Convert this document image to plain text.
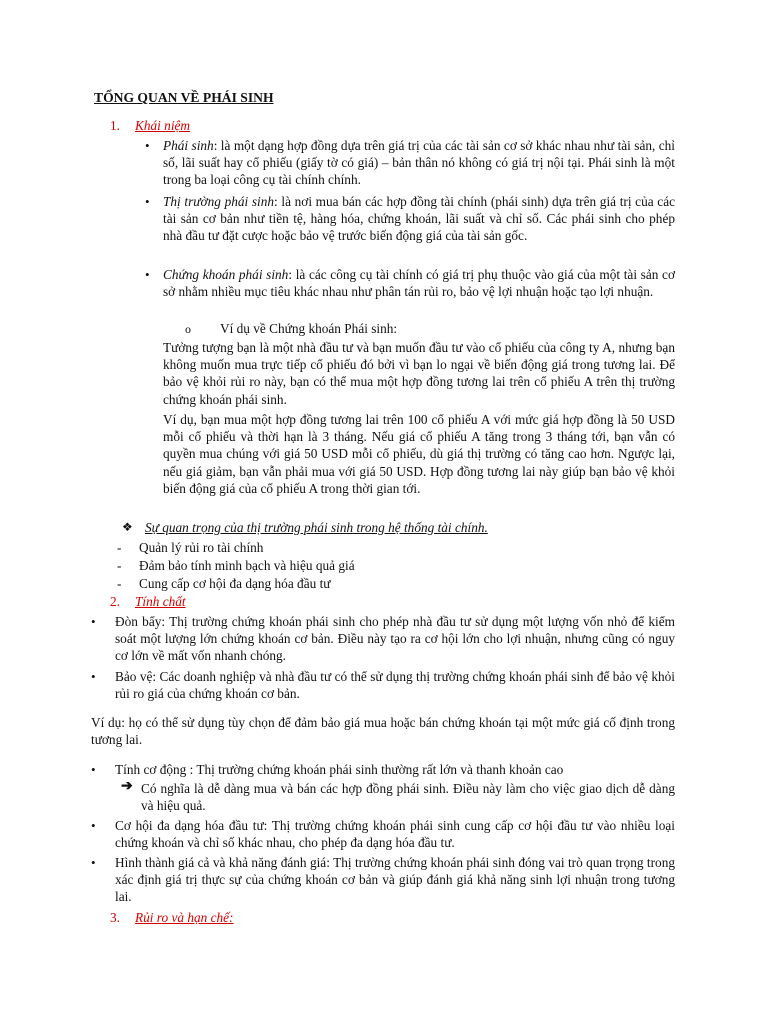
TỔNG QUAN VỀ PHÁI SINH
1. Khái niệm
• Phái sinh: là một dạng hợp đồng dựa trên giá trị của các tài sản cơ sở khác nhau như tài sản, chỉ số, lãi suất hay cổ phiếu (giấy tờ có giá) – bản thân nó không có giá trị nội tại. Phái sinh là một trong ba loại công cụ tài chính chính.
• Thị trường phái sinh: là nơi mua bán các hợp đồng tài chính (phái sinh) dựa trên giá trị của các tài sản cơ bản như tiền tệ, hàng hóa, chứng khoán, lãi suất và chỉ số. Các phái sinh cho phép nhà đầu tư đặt cược hoặc bảo vệ trước biến động giá của tài sản gốc.
• Chứng khoán phái sinh: là các công cụ tài chính có giá trị phụ thuộc vào giá của một tài sản cơ sở nhằm nhiều mục tiêu khác nhau như phân tán rủi ro, bảo vệ lợi nhuận hoặc tạo lợi nhuận.
o Ví dụ về Chứng khoán Phái sinh:
Tưởng tượng bạn là một nhà đầu tư và bạn muốn đầu tư vào cổ phiếu của công ty A, nhưng bạn không muốn mua trực tiếp cổ phiếu đó bởi vì bạn lo ngại về biến động giá trong tương lai. Để bảo vệ khỏi rủi ro này, bạn có thể mua một hợp đồng tương lai trên cổ phiếu A trên thị trường chứng khoán phái sinh.
Ví dụ, bạn mua một hợp đồng tương lai trên 100 cổ phiếu A với mức giá hợp đồng là 50 USD mỗi cổ phiếu và thời hạn là 3 tháng. Nếu giá cổ phiếu A tăng trong 3 tháng tới, bạn vẫn có quyền mua chúng với giá 50 USD mỗi cổ phiếu, dù giá thị trường có tăng cao hơn. Ngược lại, nếu giá giảm, bạn vẫn phải mua với giá 50 USD. Hợp đồng tương lai này giúp bạn bảo vệ khỏi biến động giá của cổ phiếu A trong thời gian tới.
❖ Sự quan trọng của thị trường phái sinh trong hệ thống tài chính.
- Quản lý rủi ro tài chính
- Đảm bảo tính minh bạch và hiệu quả giá
- Cung cấp cơ hội đa dạng hóa đầu tư
2. Tính chất
• Đòn bẩy: Thị trường chứng khoán phái sinh cho phép nhà đầu tư sử dụng một lượng vốn nhỏ để kiểm soát một lượng lớn chứng khoán cơ bản. Điều này tạo ra cơ hội lớn cho lợi nhuận, nhưng cũng có nguy cơ lớn về mất vốn nhanh chóng.
• Bảo vệ: Các doanh nghiệp và nhà đầu tư có thể sử dụng thị trường chứng khoán phái sinh để bảo vệ khỏi rủi ro giá của chứng khoán cơ bản.
Ví dụ: họ có thể sử dụng tùy chọn để đảm bảo giá mua hoặc bán chứng khoán tại một mức giá cố định trong tương lai.
• Tính cơ động : Thị trường chứng khoán phái sinh thường rất lớn và thanh khoản cao
➔ Có nghĩa là dễ dàng mua và bán các hợp đồng phái sinh. Điều này làm cho việc giao dịch dễ dàng và hiệu quả.
• Cơ hội đa dạng hóa đầu tư: Thị trường chứng khoán phái sinh cung cấp cơ hội đầu tư vào nhiều loại chứng khoán và chỉ số khác nhau, cho phép đa dạng hóa đầu tư.
• Hình thành giá cả và khả năng đánh giá: Thị trường chứng khoán phái sinh đóng vai trò quan trọng trong xác định giá trị thực sự của chứng khoán cơ bản và giúp đánh giá khả năng sinh lợi nhuận trong tương lai.
3. Rủi ro và hạn chế:
